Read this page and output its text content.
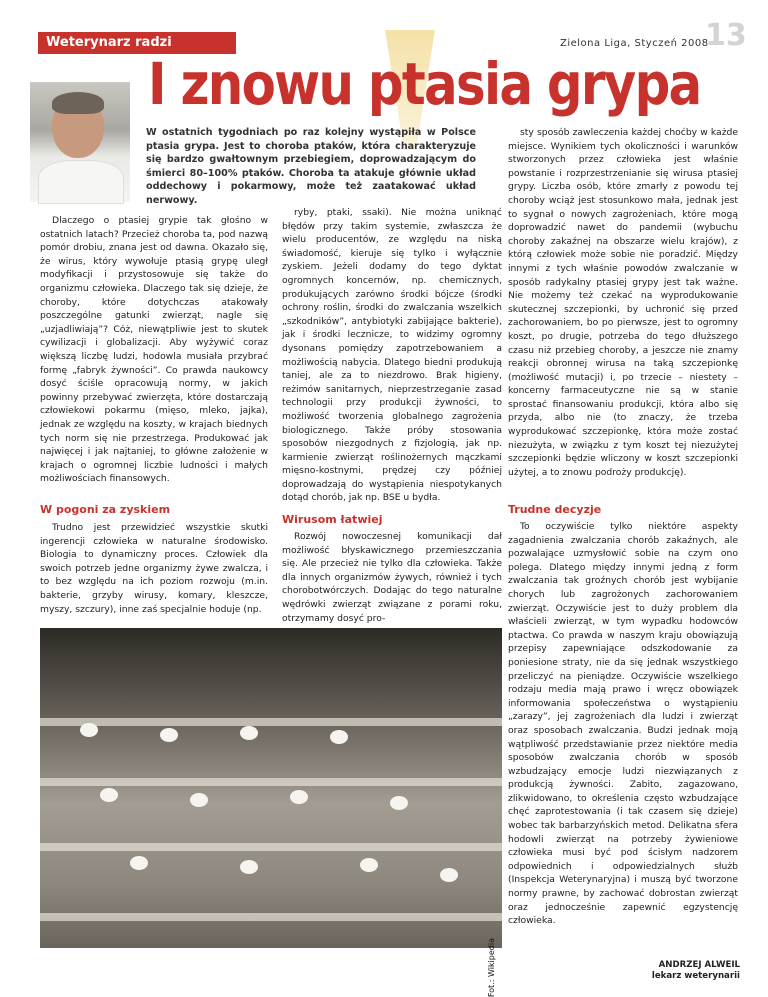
Weterynarz radzi	Zielona Liga, Styczeń 2008
13
I znowu ptasia grypa

W ostatnich tygodniach po raz kolejny wystąpiła w Polsce ptasia grypa. Jest to choroba ptaków, która charakteryzuje się bardzo gwałtownym przebiegiem, doprowadzającym do śmierci 80–100% ptaków. Choroba ta atakuje głównie układ oddechowy i pokarmowy, może też zaatakować układ nerwowy.

Dlaczego o ptasiej grypie tak głośno w ostatnich latach? Przecież choroba ta, pod nazwą pomór drobiu, znana jest od dawna. Okazało się, że wirus, który wywołuje ptasią grypę uległ modyfikacji i przystosowuje się także do organizmu człowieka. Dlaczego tak się dzieje, że choroby, które dotychczas atakowały poszczególne gatunki zwierząt, nagle się „uzjadliwiają”? Cóż, niewątpliwie jest to skutek cywilizacji i globalizacji. Aby wyżywić coraz większą liczbę ludzi, hodowla musiała przybrać formę „fabryk żywności”. Co prawda naukowcy dosyć ściśle opracowują normy, w jakich powinny przebywać zwierzęta, które dostarczają człowiekowi pokarmu (mięso, mleko, jajka), jednak ze względu na koszty, w krajach biednych tych norm się nie przestrzega. Produkować jak najwięcej i jak najtaniej, to główne założenie w krajach o ogromnej liczbie ludności i małych możliwościach finansowych.

W pogoni za zyskiem

Trudno jest przewidzieć wszystkie skutki ingerencji człowieka w naturalne środowisko. Biologia to dynamiczny proces. Człowiek dla swoich potrzeb jedne organizmy żywe zwalcza, i to bez względu na ich poziom rozwoju (m.in. bakterie, grzyby wirusy, komary, kleszcze, myszy, szczury), inne zaś specjalnie hoduje (np.

ryby, ptaki, ssaki). Nie można uniknąć błędów przy takim systemie, zwłaszcza że wielu producentów, ze względu na niską świadomość, kieruje się tylko i wyłącznie zyskiem. Jeżeli dodamy do tego dyktat ogromnych koncernów, np. chemicznych, produkujących zarówno środki bójcze (środki ochrony roślin, środki do zwalczania wszelkich „szkodników”, antybiotyki zabijające bakterie), jak i środki lecznicze, to widzimy ogromny dysonans pomiędzy zapotrzebowaniem a możliwością nabycia. Dlatego biedni produkują taniej, ale za to niezdrowo. Brak higieny, reżimów sanitarnych, nieprzestrzeganie zasad technologii przy produkcji żywności, to możliwość tworzenia globalnego zagrożenia biologicznego. Także próby stosowania sposobów niezgodnych z fizjologią, jak np. karmienie zwierząt roślinożernych mączkami mięsno-kostnymi, prędzej czy później doprowadzają do wystąpienia niespotykanych dotąd chorób, jak np. BSE u bydła.

Wirusom łatwiej

Rozwój nowoczesnej komunikacji dał możliwość błyskawicznego przemieszczania się. Ale przecież nie tylko dla człowieka. Także dla innych organizmów żywych, również i tych chorobotwórczych. Dodając do tego naturalne wędrówki zwierząt związane z porami roku, otrzymamy dosyć pro-

sty sposób zawleczenia każdej choćby w każde miejsce. Wynikiem tych okoliczności i warunków stworzonych przez człowieka jest właśnie powstanie i rozprzestrzenianie się wirusa ptasiej grypy. Liczba osób, które zmarły z powodu tej choroby wciąż jest stosunkowo mała, jednak jest to sygnał o nowych zagrożeniach, które mogą doprowadzić nawet do pandemii (wybuchu choroby zakaźnej na obszarze wielu krajów), z którą człowiek może sobie nie poradzić. Między innymi z tych właśnie powodów zwalczanie w sposób radykalny ptasiej grypy jest tak ważne. Nie możemy też czekać na wyprodukowanie skutecznej szczepionki, by uchronić się przed zachorowaniem, bo po pierwsze, jest to ogromny koszt, po drugie, potrzeba do tego dłuższego czasu niż przebieg choroby, a jeszcze nie znamy reakcji obronnej wirusa na taką szczepionkę (możliwość mutacji) i, po trzecie – niestety – koncerny farmaceutyczne nie są w stanie sprostać finansowaniu produkcji, która albo się przyda, albo nie (to znaczy, że trzeba wyprodukować szczepionkę, która może zostać niezużyta, w związku z tym koszt tej niezużytej szczepionki będzie wliczony w koszt szczepionki użytej, a to znowu podroży produkcję).

Trudne decyzje

To oczywiście tylko niektóre aspekty zagadnienia zwalczania chorób zakaźnych, ale pozwalające uzmysłowić sobie na czym ono polega. Dlatego między innymi jedną z form zwalczania tak groźnych chorób jest wybijanie chorych lub zagrożonych zachorowaniem zwierząt. Oczywiście jest to duży problem dla właścieli zwierząt, w tym wypadku hodowców ptactwa. Co prawda w naszym kraju obowiązują przepisy zapewniające odszkodowanie za poniesione straty, nie da się jednak wszystkiego przeliczyć na pieniądze. Oczywiście wszelkiego rodzaju media mają prawo i wręcz obowiązek informowania społeczeństwa o wystąpieniu „zarazy”, jej zagrożeniach dla ludzi i zwierząt oraz sposobach zwalczania. Budzi jednak moją wątpliwość przedstawianie przez niektóre media sposobów zwalczania chorób w sposób wzbudzający emocje ludzi niezwiązanych z produkcją żywności. Zabito, zagazowano, zlikwidowano, to określenia często wzbudzające chęć zaprotestowania (i tak czasem się dzieje) wobec tak barbarzyńskich metod. Delikatna sfera hodowli zwierząt na potrzeby żywieniowe człowieka musi być pod ścisłym nadzorem odpowiednich i odpowiedzialnych służb (Inspekcja Weterynaryjna) i muszą być tworzone normy prawne, by zachować dobrostan zwierząt oraz jednocześnie zapewnić egzystencję człowieka.

ANDRZEJ ALWEIL
lekarz weterynarii
Fot.: Wikipedia
